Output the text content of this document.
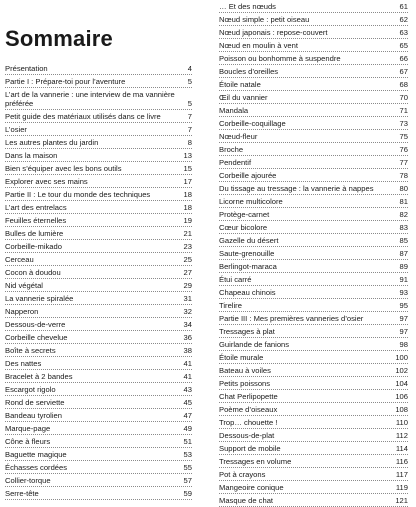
Sommaire
Présentation	4
Partie I : Prépare-toi pour l’aventure	5
L’art de la vannerie : une interview de ma vannière préférée	5
Petit guide des matériaux utilisés dans ce livre	7
L’osier	7
Les autres plantes du jardin	8
Dans la maison	13
Bien s’équiper avec les bons outils	15
Explorer avec ses mains	17
Partie II : Le tour du monde des techniques	18
L’art des entrelacs	18
Feuilles éternelles	19
Bulles de lumière	21
Corbeille-mikado	23
Cerceau	25
Cocon à doudou	27
Nid végétal	29
La vannerie spiralée	31
Napperon	32
Dessous-de-verre	34
Corbeille chevelue	36
Boîte à secrets	38
Des nattes	41
Bracelet à 2 bandes	41
Escargot rigolo	43
Rond de serviette	45
Bandeau tyrolien	47
Marque-page	49
Cône à fleurs	51
Baguette magique	53
Échasses cordées	55
Collier-torque	57
Serre-tête	59
… Et des nœuds	61
Nœud simple : petit oiseau	62
Nœud japonais : repose-couvert	63
Nœud en moulin à vent	65
Poisson ou bonhomme à suspendre	66
Boucles d’oreilles	67
Étoile natale	68
Œil du vannier	70
Mandala	71
Corbeille-coquillage	73
Nœud-fleur	75
Broche	76
Pendentif	77
Corbeille ajourée	78
Du tissage au tressage : la vannerie à nappes	80
Licorne multicolore	81
Protège-carnet	82
Cœur bicolore	83
Gazelle du désert	85
Saute-grenouille	87
Berlingot-maraca	89
Étui carré	91
Chapeau chinois	93
Tirelire	95
Partie III : Mes premières vanneries d’osier	97
Tressages à plat	97
Guirlande de fanions	98
Étoile murale	100
Bateau à voiles	102
Petits poissons	104
Chat Perlipopette	106
Poème d’oiseaux	108
Trop… chouette !	110
Dessous-de-plat	112
Support de mobile	114
Tressages en volume	116
Pot à crayons	117
Mangeoire conique	119
Masque de chat	121
